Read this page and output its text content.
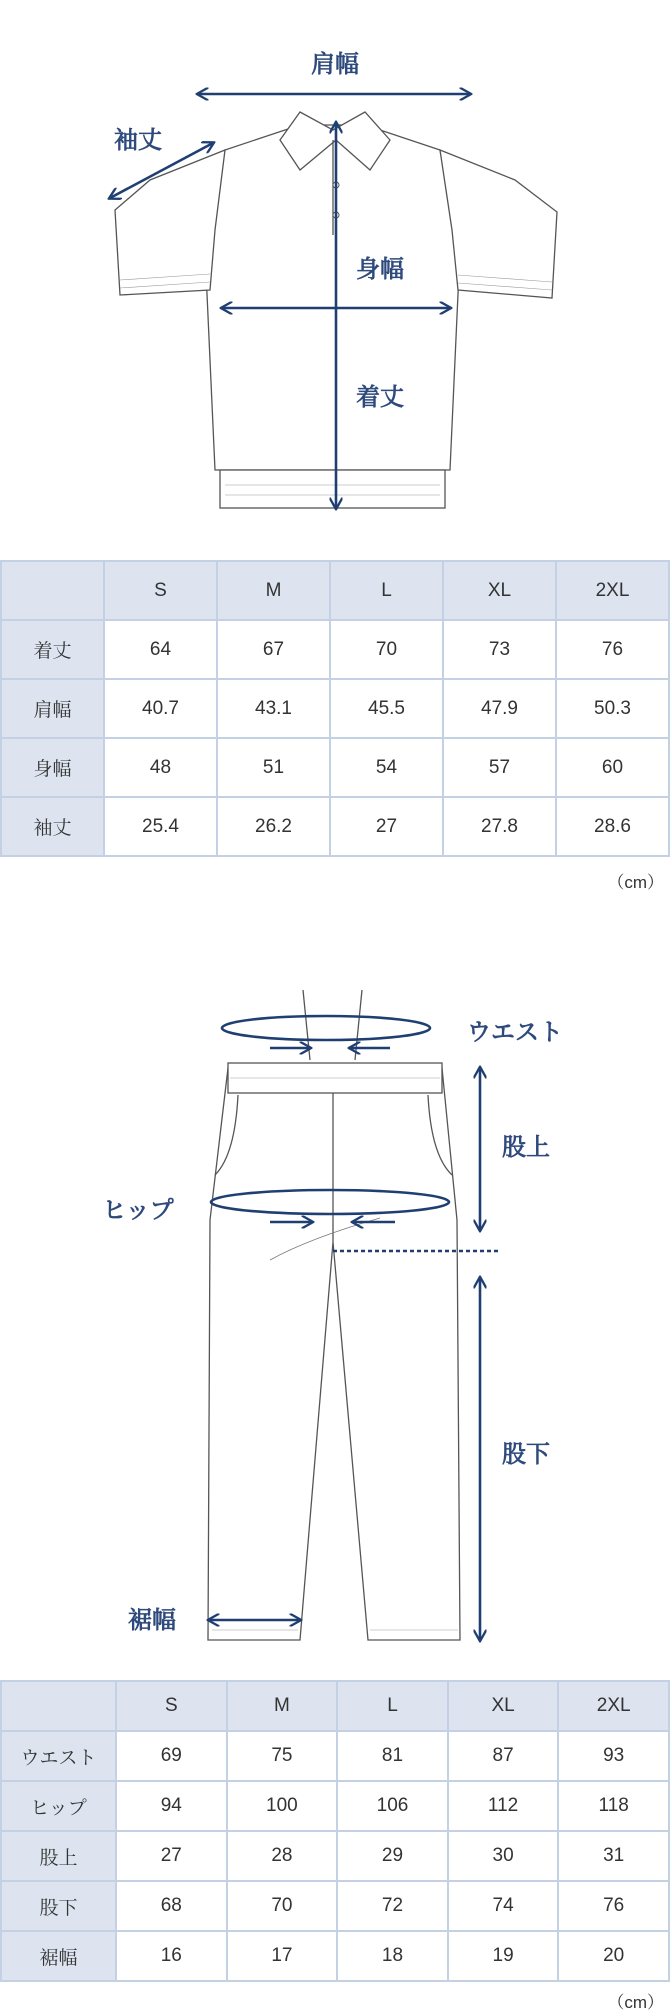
肩幅
袖丈
身幅
着丈
	S	M	L	XL	2XL
着丈	64	67	70	73	76
肩幅	40.7	43.1	45.5	47.9	50.3
身幅	48	51	54	57	60
袖丈	25.4	26.2	27	27.8	28.6
（cm）
ウエスト
ヒップ
股上
股下
裾幅
	S	M	L	XL	2XL
ウエスト	69	75	81	87	93
ヒップ	94	100	106	112	118
股上	27	28	29	30	31
股下	68	70	72	74	76
裾幅	16	17	18	19	20
（cm）
